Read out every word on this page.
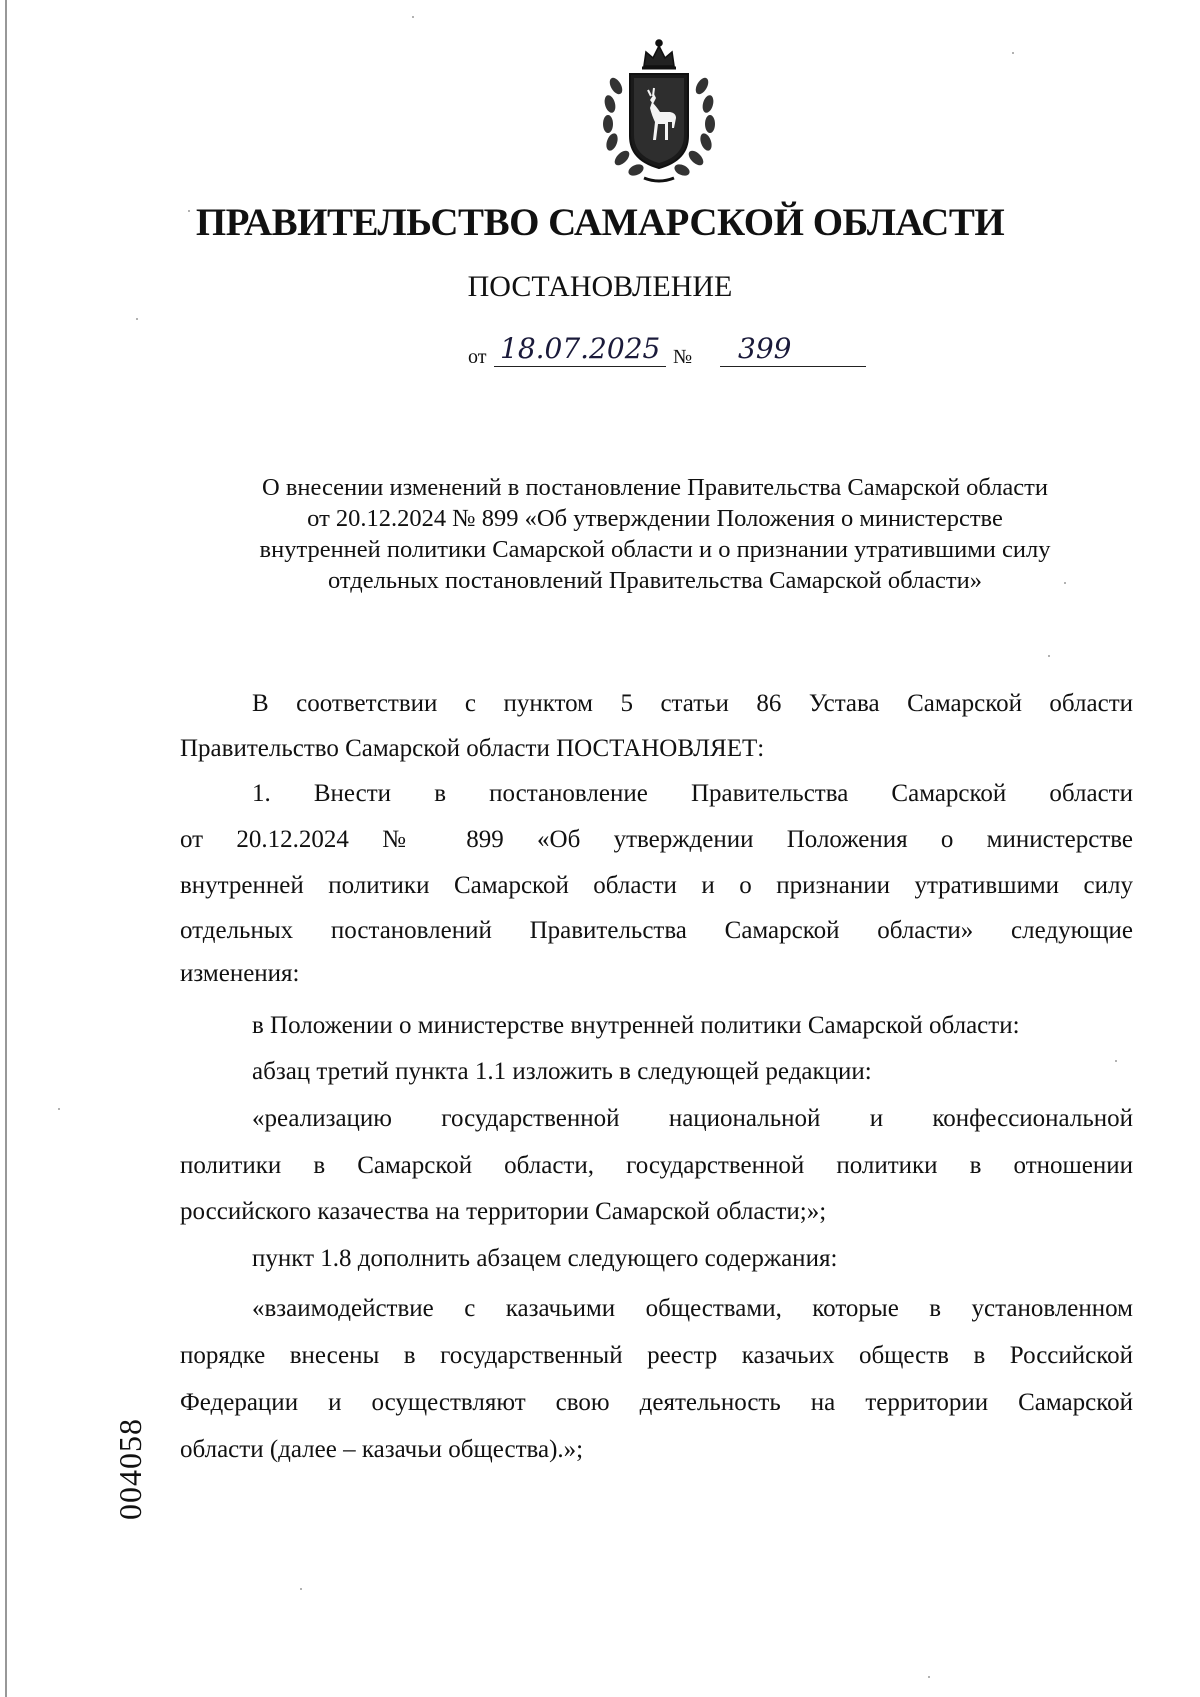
ПРАВИТЕЛЬСТВО САМАРСКОЙ ОБЛАСТИ
ПОСТАНОВЛЕНИЕ
от 18.07.2025 №	399
О внесении изменений в постановление Правительства Самарской области
от 20.12.2024 № 899 «Об утверждении Положения о министерстве
внутренней политики Самарской области и о признании утратившими силу
отдельных постановлений Правительства Самарской области»
В соответствии с пунктом 5 статьи 86 Устава Самарской области
Правительство Самарской области ПОСТАНОВЛЯЕТ:
1. Внести в постановление Правительства Самарской области
от 20.12.2024 № 899 «Об утверждении Положения о министерстве
внутренней политики Самарской области и о признании утратившими силу
отдельных постановлений Правительства Самарской области» следующие
изменения:
в Положении о министерстве внутренней политики Самарской области:
абзац третий пункта 1.1 изложить в следующей редакции:
«реализацию государственной национальной и конфессиональной
политики в Самарской области, государственной политики в отношении
российского казачества на территории Самарской области;»;
пункт 1.8 дополнить абзацем следующего содержания:
«взаимодействие с казачьими обществами, которые в установленном
порядке внесены в государственный реестр казачьих обществ в Российской
Федерации и осуществляют свою деятельность на территории Самарской
области (далее – казачьи общества).»;
004058
